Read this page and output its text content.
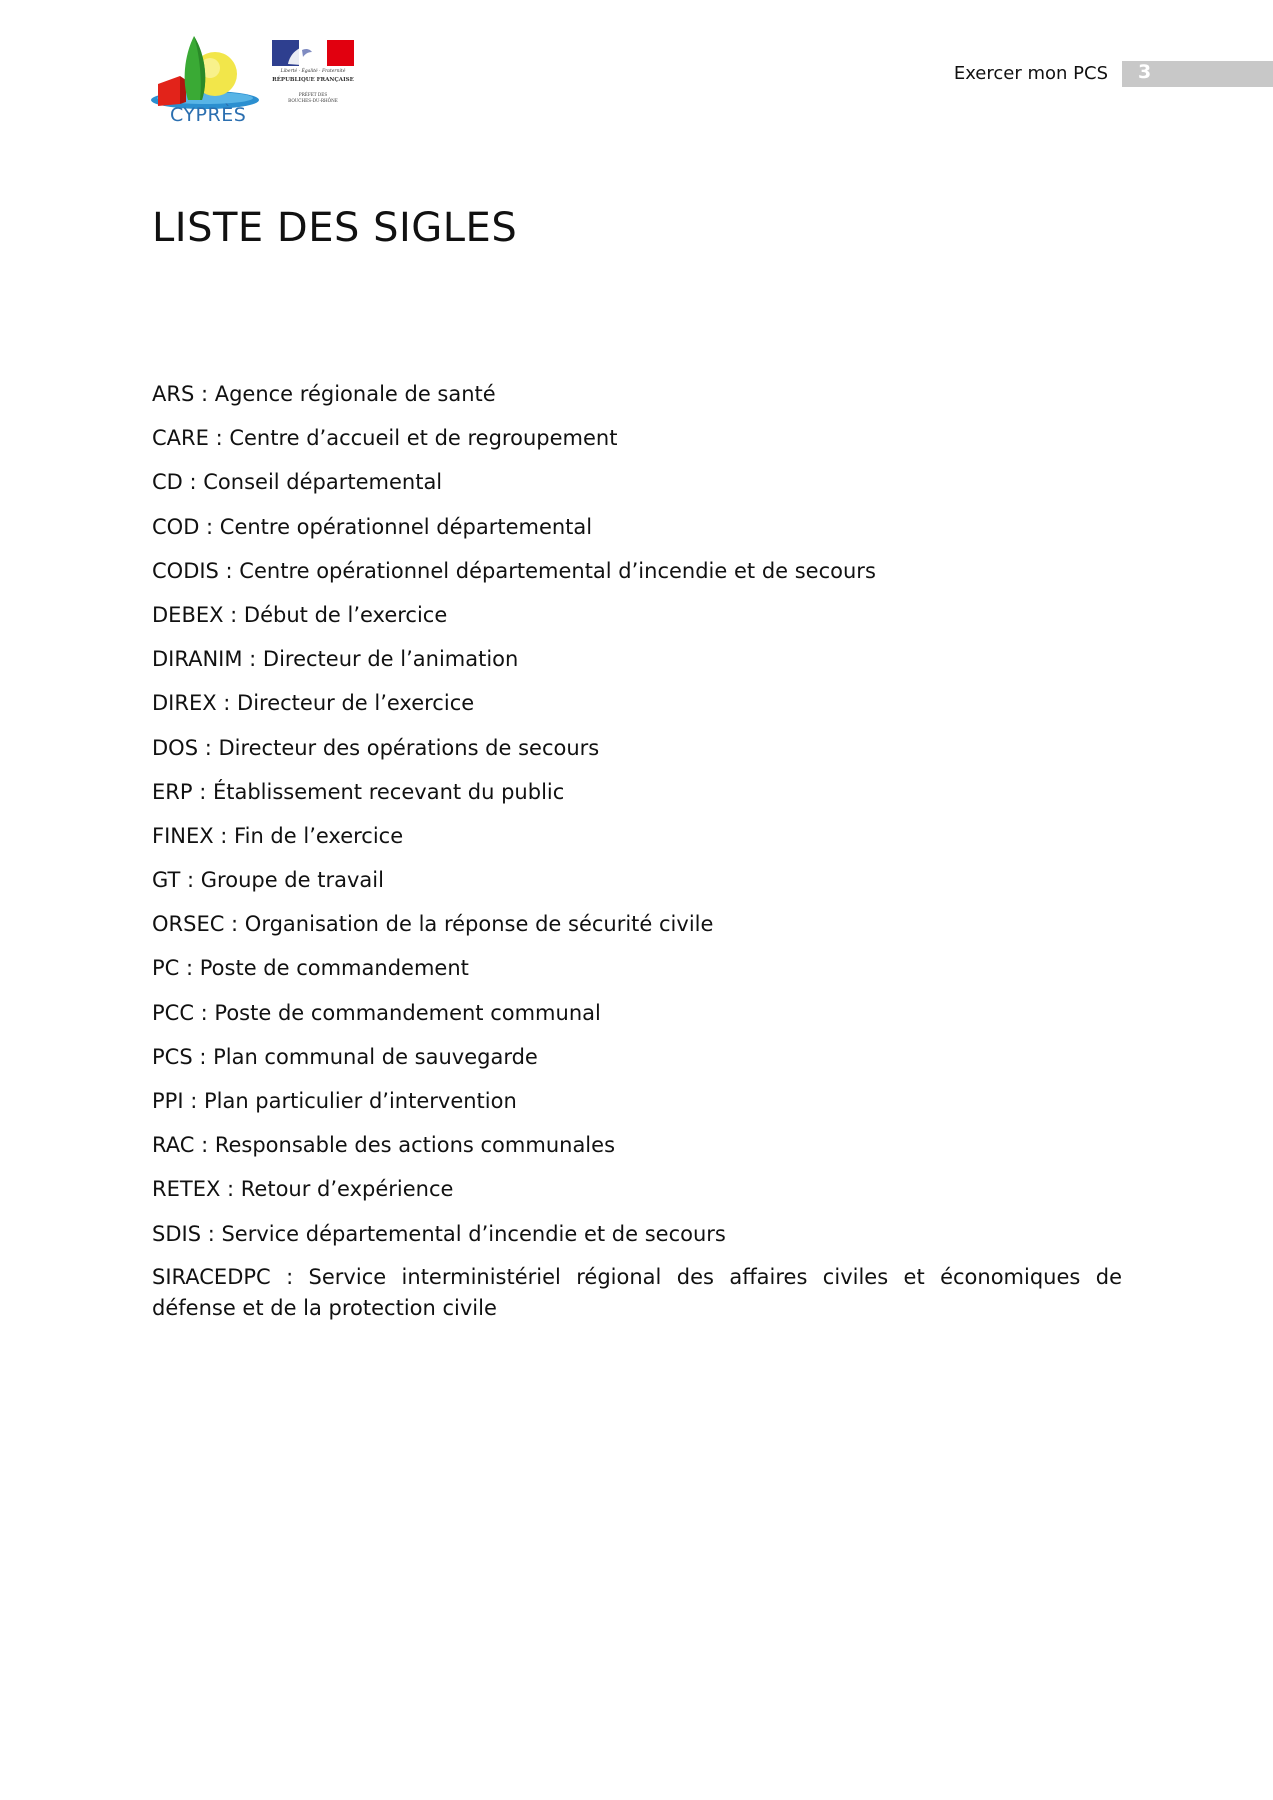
CYPRÈS
Liberté · Égalité · Fraternité
RÉPUBLIQUE FRANÇAISE
PRÉFET DES
BOUCHES-DU-RHÔNE
Exercer mon PCS 3
LISTE DES SIGLES
ARS : Agence régionale de santé
CARE : Centre d’accueil et de regroupement
CD : Conseil départemental
COD : Centre opérationnel départemental
CODIS : Centre opérationnel départemental d’incendie et de secours
DEBEX : Début de l’exercice
DIRANIM : Directeur de l’animation
DIREX : Directeur de l’exercice
DOS : Directeur des opérations de secours
ERP : Établissement recevant du public
FINEX : Fin de l’exercice
GT : Groupe de travail
ORSEC : Organisation de la réponse de sécurité civile
PC : Poste de commandement
PCC : Poste de commandement communal
PCS : Plan communal de sauvegarde
PPI : Plan particulier d’intervention
RAC : Responsable des actions communales
RETEX : Retour d’expérience
SDIS : Service départemental d’incendie et de secours
SIRACEDPC : Service interministériel régional des affaires civiles et économiques de défense et de la protection civile
